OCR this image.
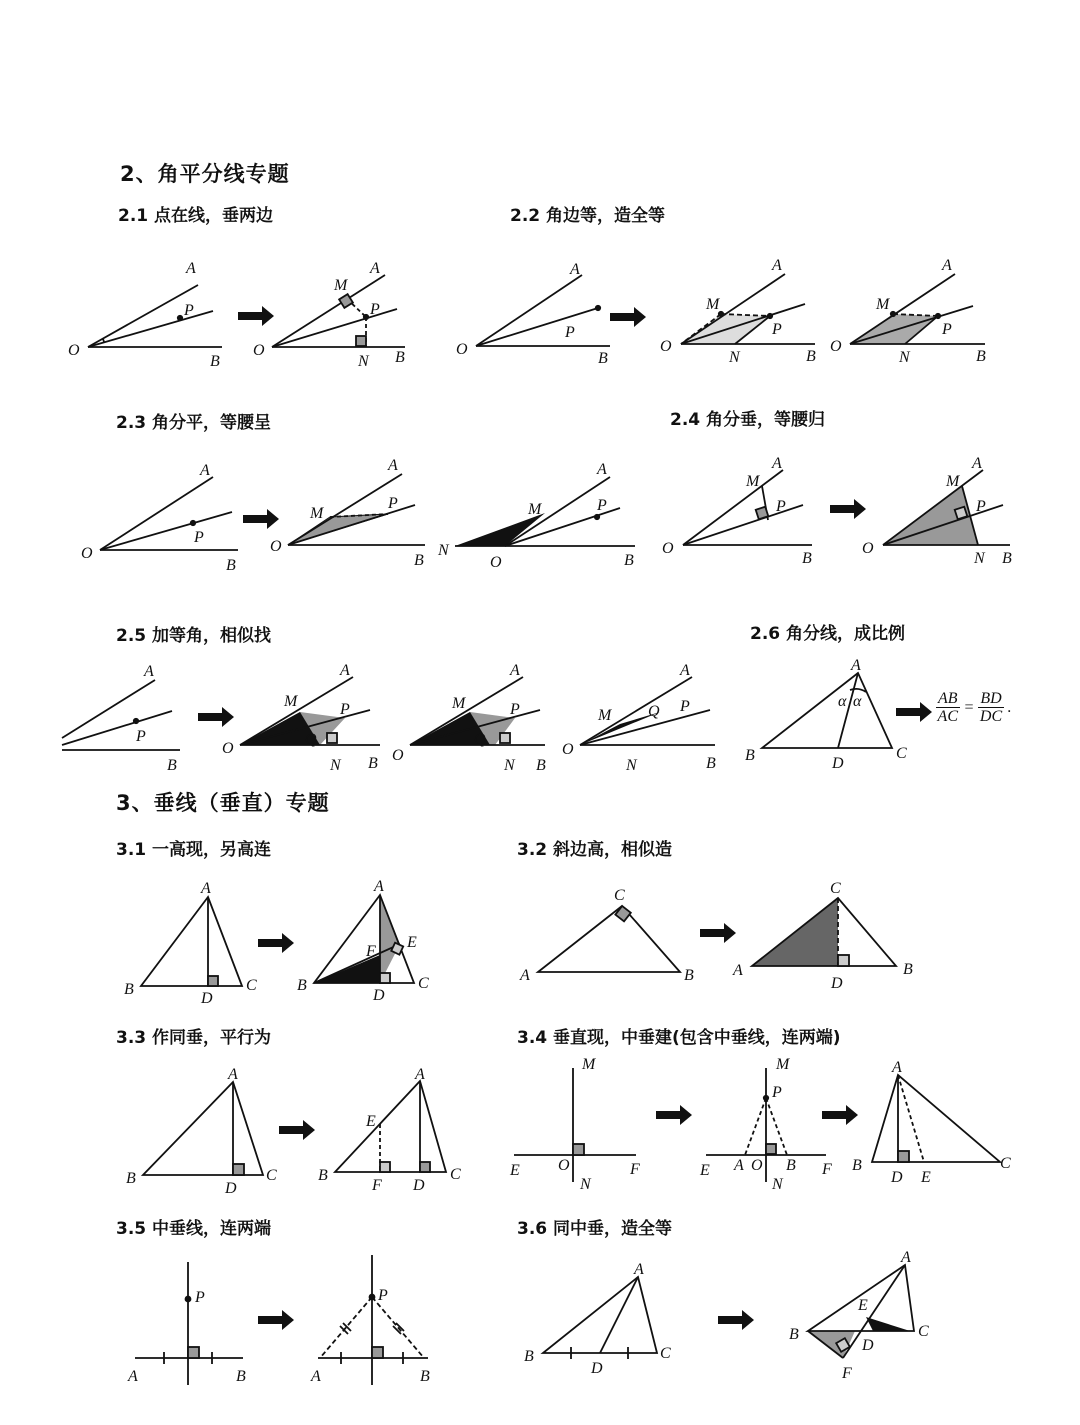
2、角平分线专题
2.1 点在线，垂两边	2.2 角边等，造全等
2.3 角分平，等腰呈	2.4 角分垂，等腰归
2.5 加等角，相似找	2.6 角分线，成比例
3、垂线（垂直）专题
3.1 一高现，另高连	3.2 斜边高，相似造
3.3 作同垂，平行为	3.4 垂直现，中垂建(包含中垂线，连两端)
3.5 中垂线，连两端	3.6 同中垂，造全等
$\frac{AB}{AC} = \frac{BD}{DC}$ .
O
A
P
B
O
M
A
P
N B	O
A
P
B
O
M
A
P
N	B
O
M
A
P
N	B
O
A
P
B
O
M
A
P
B
N
O
M
A
P
B
O
M
A
P
B
O
M
A
P
N B
A
P
B
O
M
A
P
Q
N B O
M
A
P
Q
N B
O
M Q
A
P
N	B
A
α α
B	D
C
A
B
D
C
A
F
E
B
D
C
C
A	B
C
A
D
B
A
B
D
C
A
E
B
F D
C
M
E O
N
F
M
P
E A O B
N
F
A
B
D E
C
P
A	B
P
A	B
A
B
D
C
A
E
B
D
C
F
